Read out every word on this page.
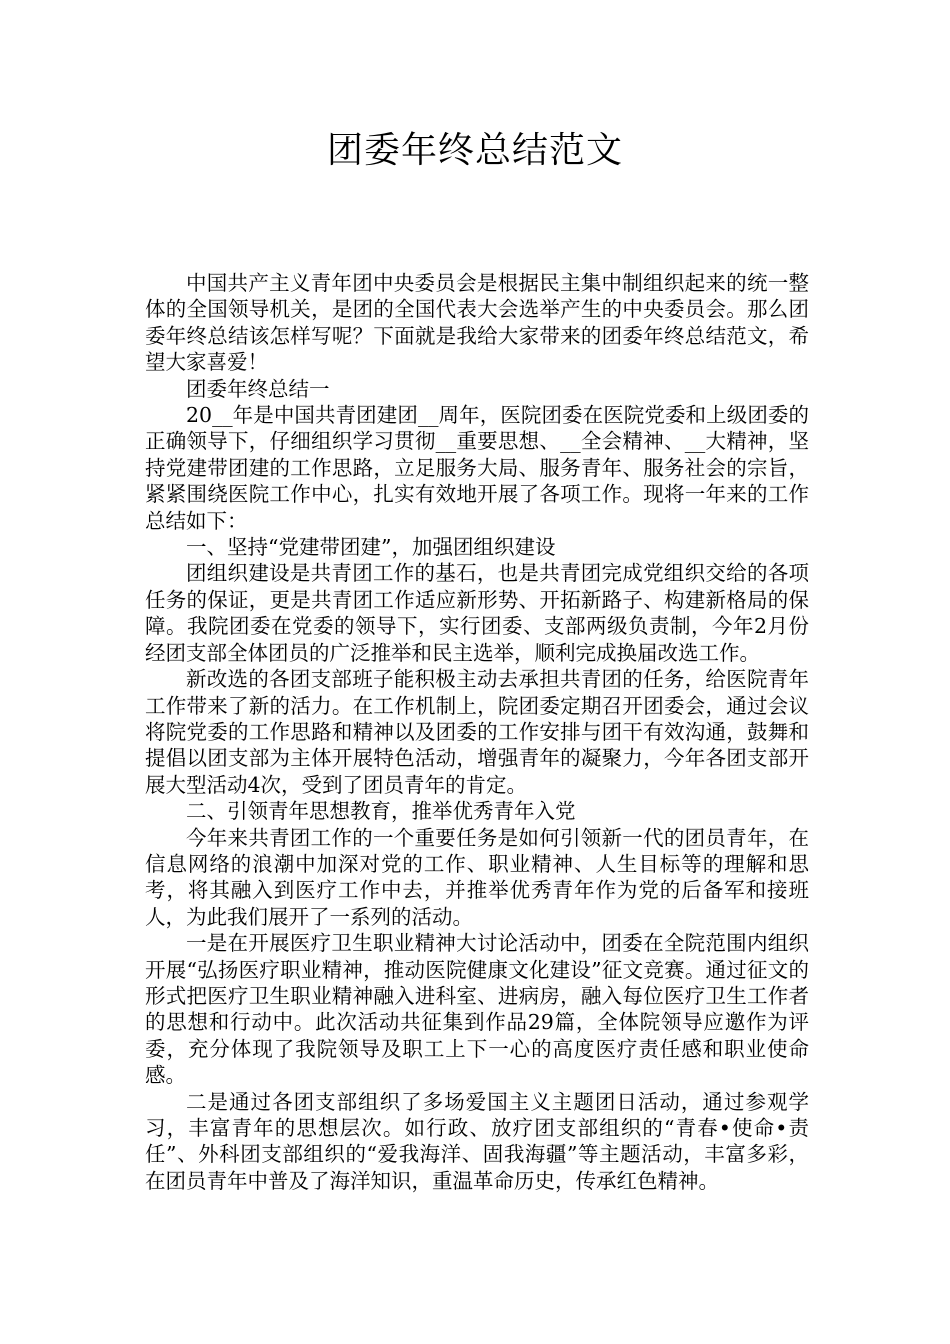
团委年终总结范文

中国共产主义青年团中央委员会是根据民主集中制组织起来的统一整体的全国领导机关，是团的全国代表大会选举产生的中央委员会。那么团委年终总结该怎样写呢？下面就是我给大家带来的团委年终总结范文，希望大家喜爱！

团委年终总结一

20__年是中国共青团建团__周年，医院团委在医院党委和上级团委的正确领导下，仔细组织学习贯彻__重要思想、__全会精神、__大精神，坚持党建带团建的工作思路，立足服务大局、服务青年、服务社会的宗旨，紧紧围绕医院工作中心，扎实有效地开展了各项工作。现将一年来的工作总结如下：

一、坚持“党建带团建”，加强团组织建设

团组织建设是共青团工作的基石，也是共青团完成党组织交给的各项任务的保证，更是共青团工作适应新形势、开拓新路子、构建新格局的保障。我院团委在党委的领导下，实行团委、支部两级负责制，今年2月份经团支部全体团员的广泛推举和民主选举，顺利完成换届改选工作。

新改选的各团支部班子能积极主动去承担共青团的任务，给医院青年工作带来了新的活力。在工作机制上，院团委定期召开团委会，通过会议将院党委的工作思路和精神以及团委的工作安排与团干有效沟通，鼓舞和提倡以团支部为主体开展特色活动，增强青年的凝聚力，今年各团支部开展大型活动4次，受到了团员青年的肯定。

二、引领青年思想教育，推举优秀青年入党

今年来共青团工作的一个重要任务是如何引领新一代的团员青年，在信息网络的浪潮中加深对党的工作、职业精神、人生目标等的理解和思考，将其融入到医疗工作中去，并推举优秀青年作为党的后备军和接班人，为此我们展开了一系列的活动。

一是在开展医疗卫生职业精神大讨论活动中，团委在全院范围内组织开展“弘扬医疗职业精神，推动医院健康文化建设”征文竞赛。通过征文的形式把医疗卫生职业精神融入进科室、进病房，融入每位医疗卫生工作者的思想和行动中。此次活动共征集到作品29篇，全体院领导应邀作为评委，充分体现了我院领导及职工上下一心的高度医疗责任感和职业使命感。

二是通过各团支部组织了多场爱国主义主题团日活动，通过参观学习，丰富青年的思想层次。如行政、放疗团支部组织的“青春•使命•责任”、外科团支部组织的“爱我海洋、固我海疆”等主题活动，丰富多彩，在团员青年中普及了海洋知识，重温革命历史，传承红色精神。
